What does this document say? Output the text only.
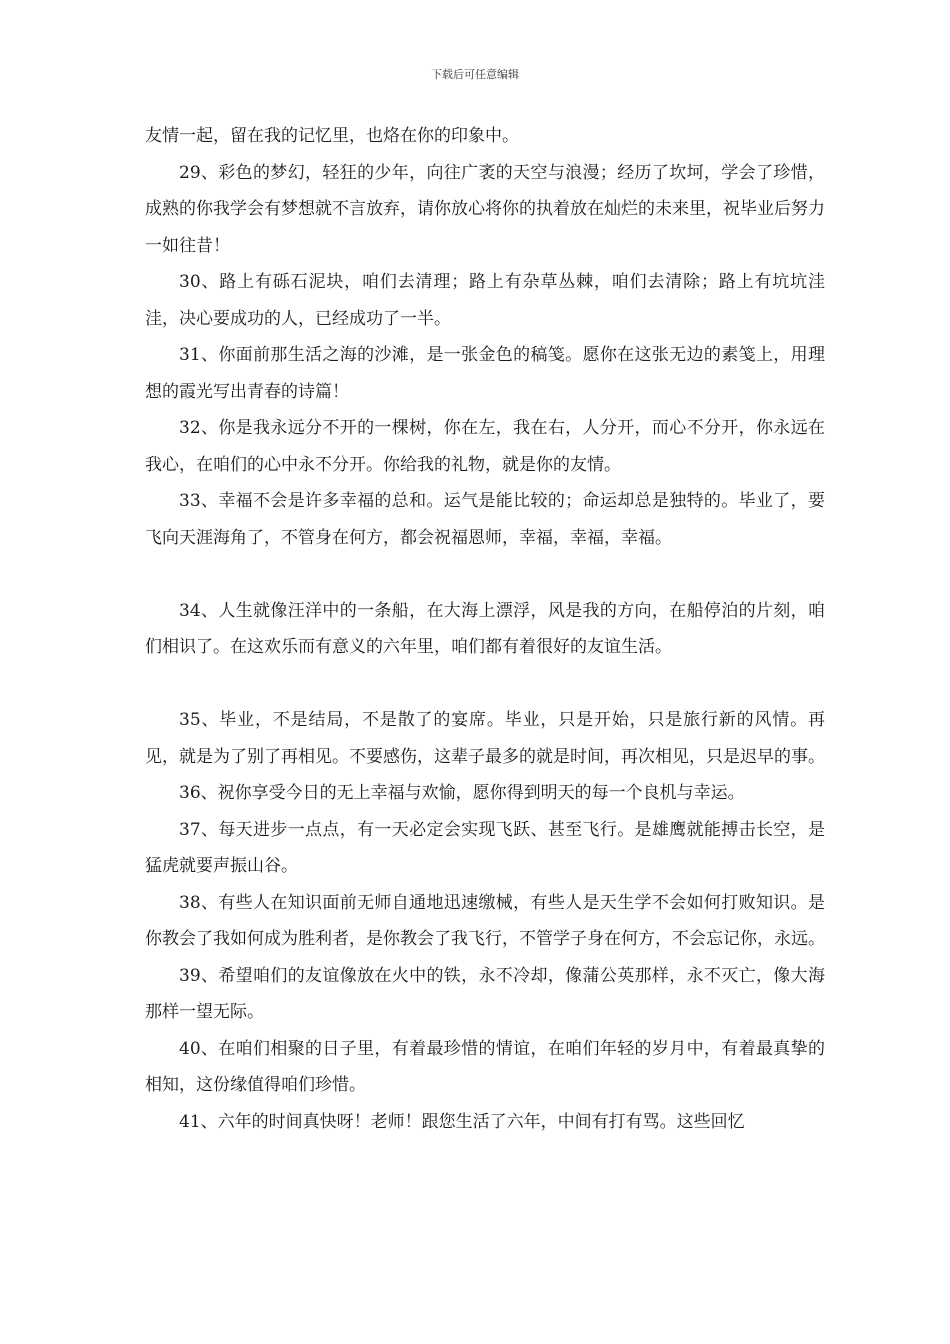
下载后可任意编辑

友情一起，留在我的记忆里，也烙在你的印象中。

29、彩色的梦幻，轻狂的少年，向往广袤的天空与浪漫；经历了坎坷，学会了珍惜，成熟的你我学会有梦想就不言放弃，请你放心将你的执着放在灿烂的未来里，祝毕业后努力一如往昔！

30、路上有砾石泥块，咱们去清理；路上有杂草丛棘，咱们去清除；路上有坑坑洼洼，决心要成功的人，已经成功了一半。

31、你面前那生活之海的沙滩，是一张金色的稿笺。愿你在这张无边的素笺上，用理想的霞光写出青春的诗篇！

32、你是我永远分不开的一棵树，你在左，我在右，人分开，而心不分开，你永远在我心，在咱们的心中永不分开。你给我的礼物，就是你的友情。

33、幸福不会是许多幸福的总和。运气是能比较的；命运却总是独特的。毕业了，要飞向天涯海角了，不管身在何方，都会祝福恩师，幸福，幸福，幸福。

34、人生就像汪洋中的一条船，在大海上漂浮，风是我的方向，在船停泊的片刻，咱们相识了。在这欢乐而有意义的六年里，咱们都有着很好的友谊生活。

35、毕业，不是结局，不是散了的宴席。毕业，只是开始，只是旅行新的风情。再见，就是为了别了再相见。不要感伤，这辈子最多的就是时间，再次相见，只是迟早的事。

36、祝你享受今日的无上幸福与欢愉，愿你得到明天的每一个良机与幸运。

37、每天进步一点点，有一天必定会实现飞跃、甚至飞行。是雄鹰就能搏击长空，是猛虎就要声振山谷。

38、有些人在知识面前无师自通地迅速缴械，有些人是天生学不会如何打败知识。是你教会了我如何成为胜利者，是你教会了我飞行，不管学子身在何方，不会忘记你，永远。

39、希望咱们的友谊像放在火中的铁，永不冷却，像蒲公英那样，永不灭亡，像大海那样一望无际。

40、在咱们相聚的日子里，有着最珍惜的情谊，在咱们年轻的岁月中，有着最真挚的相知，这份缘值得咱们珍惜。

41、六年的时间真快呀！老师！跟您生活了六年，中间有打有骂。这些回忆
